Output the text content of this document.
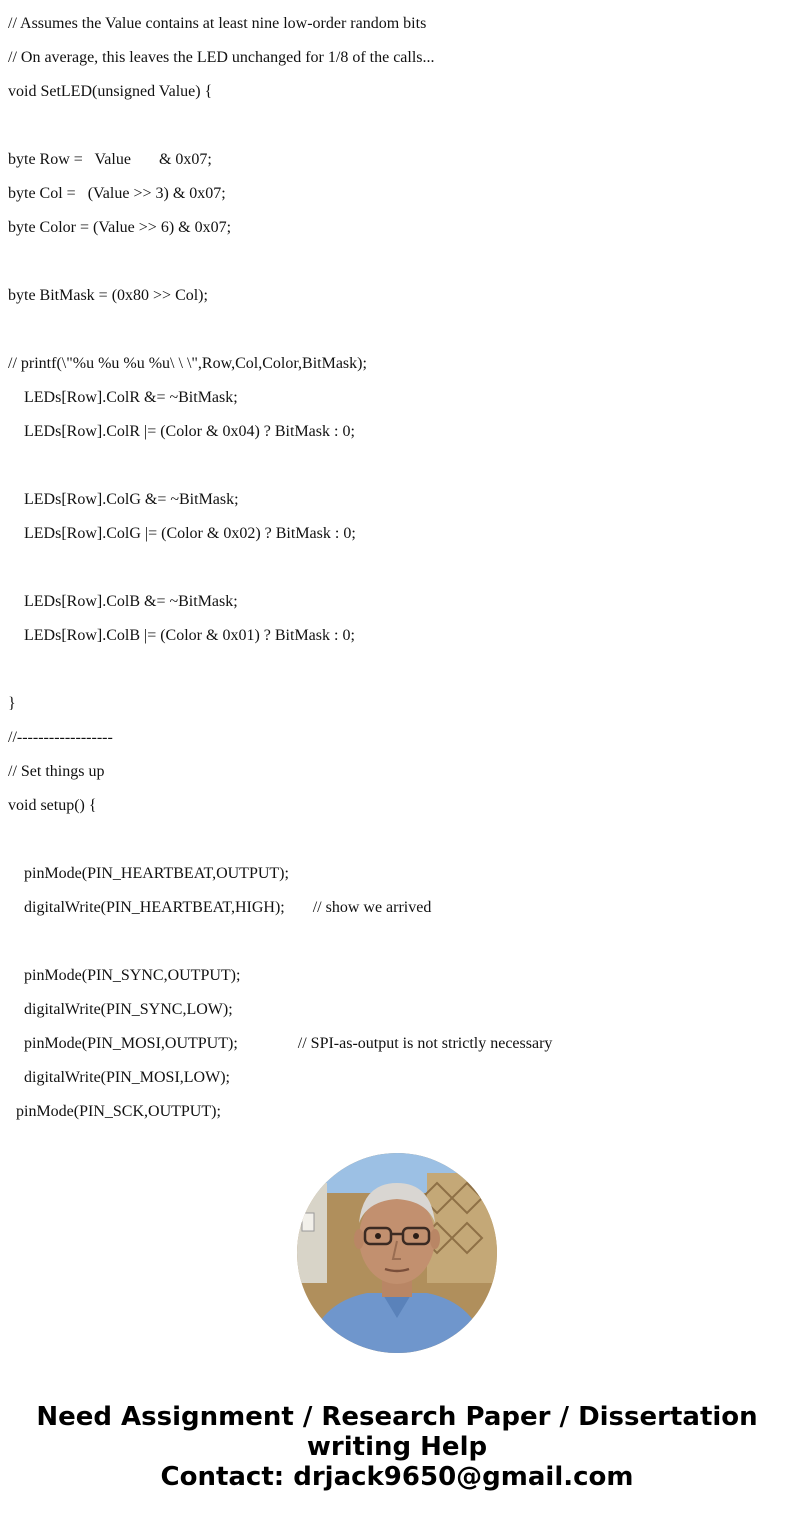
// Assumes the Value contains at least nine low-order random bits
// On average, this leaves the LED unchanged for 1/8 of the calls...
void SetLED(unsigned Value) {
byte Row =   Value       & 0x07;
byte Col =   (Value >> 3) & 0x07;
byte Color = (Value >> 6) & 0x07;
byte BitMask = (0x80 >> Col);
// printf(\"%u %u %u %u\ \ \",Row,Col,Color,BitMask);
LEDs[Row].ColR &= ~BitMask;
LEDs[Row].ColR |= (Color & 0x04) ? BitMask : 0;
LEDs[Row].ColG &= ~BitMask;
LEDs[Row].ColG |= (Color & 0x02) ? BitMask : 0;
LEDs[Row].ColB &= ~BitMask;
LEDs[Row].ColB |= (Color & 0x01) ? BitMask : 0;
}
//------------------
// Set things up
void setup() {
pinMode(PIN_HEARTBEAT,OUTPUT);
digitalWrite(PIN_HEARTBEAT,HIGH);       // show we arrived
pinMode(PIN_SYNC,OUTPUT);
digitalWrite(PIN_SYNC,LOW);
pinMode(PIN_MOSI,OUTPUT);               // SPI-as-output is not strictly necessary
digitalWrite(PIN_MOSI,LOW);
pinMode(PIN_SCK,OUTPUT);
Need Assignment / Research Paper / Dissertation
writing Help
Contact: drjack9650@gmail.com
